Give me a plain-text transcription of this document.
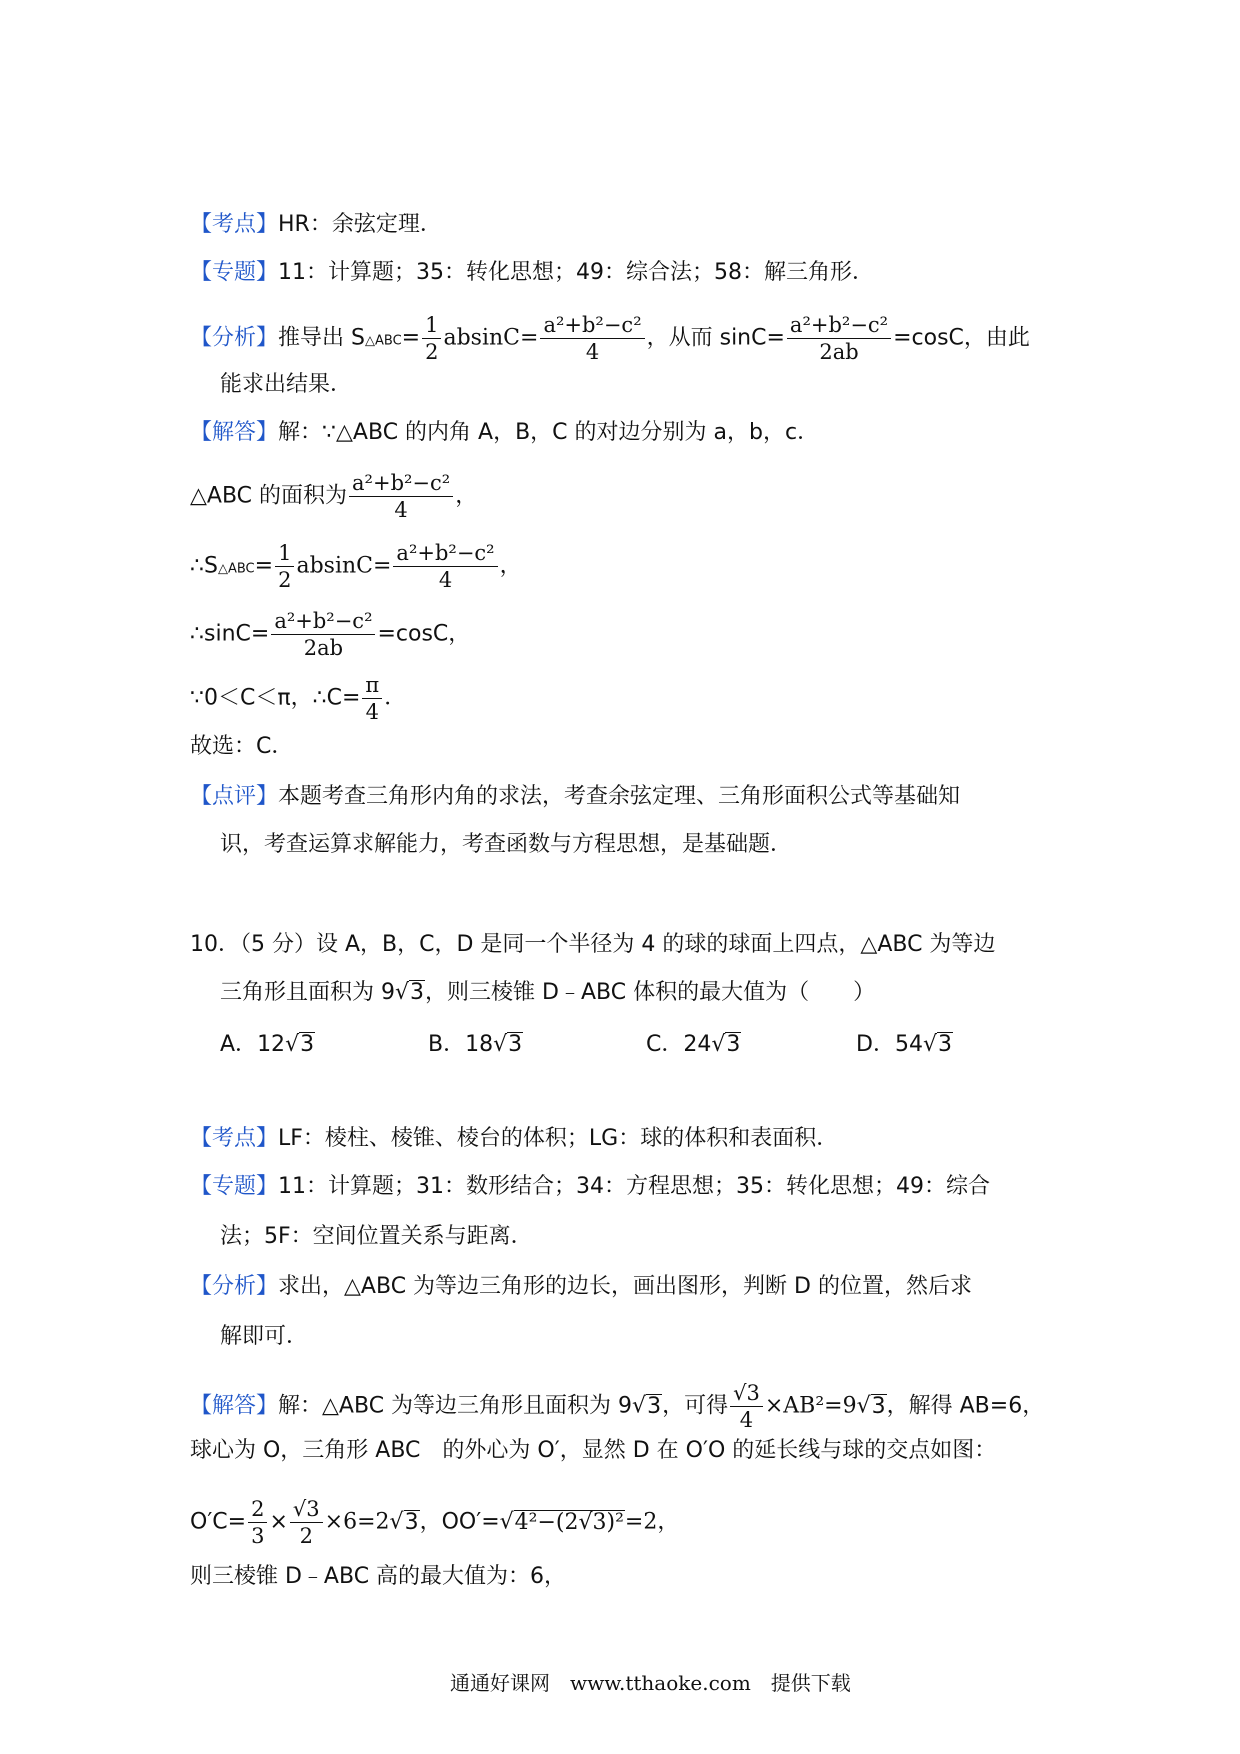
【考点】HR：余弦定理．
【专题】11：计算题；35：转化思想；49：综合法；58：解三角形．
【分析】推导出 S△ABC= $\frac{1}{2} absinC= \frac{\text{a²+b²−c²}}{4}$ ，从而 $\sin C= \frac{\text{a²+b²−c²}}{2ab} =\cos C$，由此
能求出结果．
【解答】解：∵△ABC 的内角 A，B，C 的对边分别为 a，b，c．
△ABC 的面积为 $\frac{\text{a²+b²−c²}}{4}$ ，
∴S△ABC= $\frac{1}{2} absinC= \frac{\text{a²+b²−c²}}{4}$ ，
∴sinC= $\frac{\text{a²+b²−c²}}{2ab} =\cos C$，
∵0＜C＜π，∴C= $\frac{\pi}{4}$ ．
故选：C．
【点评】本题考查三角形内角的求法，考查余弦定理、三角形面积公式等基础知
识，考查运算求解能力，考查函数与方程思想，是基础题．
10．（5 分）设 A，B，C，D 是同一个半径为 4 的球的球面上四点，△ABC 为等边
三角形且面积为 9√3，则三棱锥 D﹣ABC 体积的最大值为（　　）
A．12√3	B．18√3	C．24√3	D．54√3
【考点】LF：棱柱、棱锥、棱台的体积；LG：球的体积和表面积．
【专题】11：计算题；31：数形结合；34：方程思想；35：转化思想；49：综合
法；5F：空间位置关系与距离．
【分析】求出，△ABC 为等边三角形的边长，画出图形，判断 D 的位置，然后求
解即可．
【解答】解：△ABC 为等边三角形且面积为 9√3，可得 $\frac{√3}{4} \times AB^2=9√3$，解得 AB=6，
球心为 O，三角形 ABC　的外心为 O′，显然 D 在 O′O 的延长线与球的交点如图：
$O'C= \frac{2}{3} \times \frac{√3}{2} \times 6=2√3$，OO′=√4²−(2√3)²=2，
则三棱锥 D﹣ABC 高的最大值为：6，
通通好课网　www.tthaoke.com　提供下载
